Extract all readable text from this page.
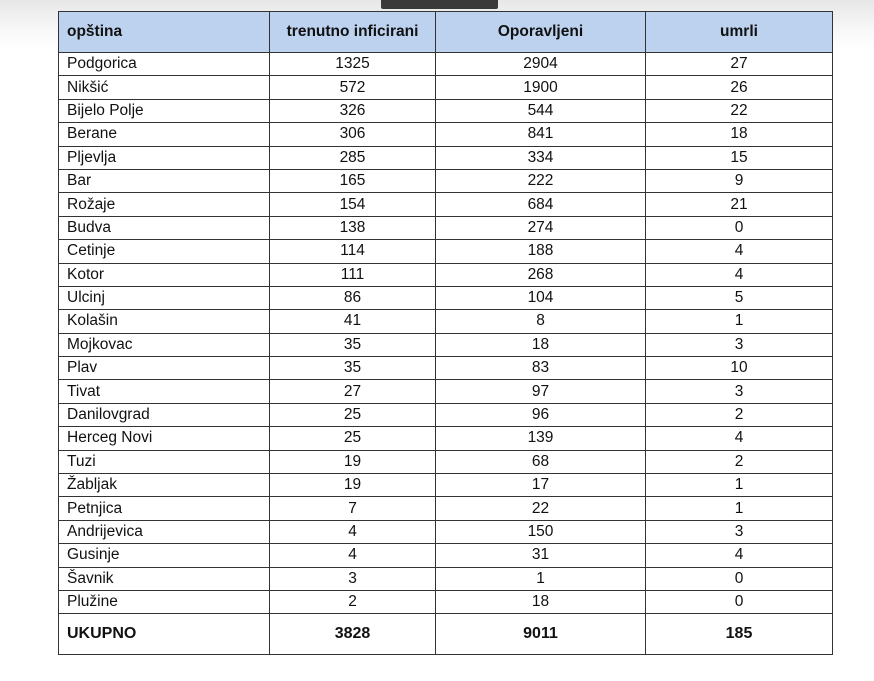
opština	trenutno inficirani	Oporavljeni	umrli
Podgorica	1325	2904	27
Nikšić	572	1900	26
Bijelo Polje	326	544	22
Berane	306	841	18
Pljevlja	285	334	15
Bar	165	222	9
Rožaje	154	684	21
Budva	138	274	0
Cetinje	114	188	4
Kotor	111	268	4
Ulcinj	86	104	5
Kolašin	41	8	1
Mojkovac	35	18	3
Plav	35	83	10
Tivat	27	97	3
Danilovgrad	25	96	2
Herceg Novi	25	139	4
Tuzi	19	68	2
Žabljak	19	17	1
Petnjica	7	22	1
Andrijevica	4	150	3
Gusinje	4	31	4
Šavnik	3	1	0
Plužine	2	18	0
UKUPNO	3828	9011	185
